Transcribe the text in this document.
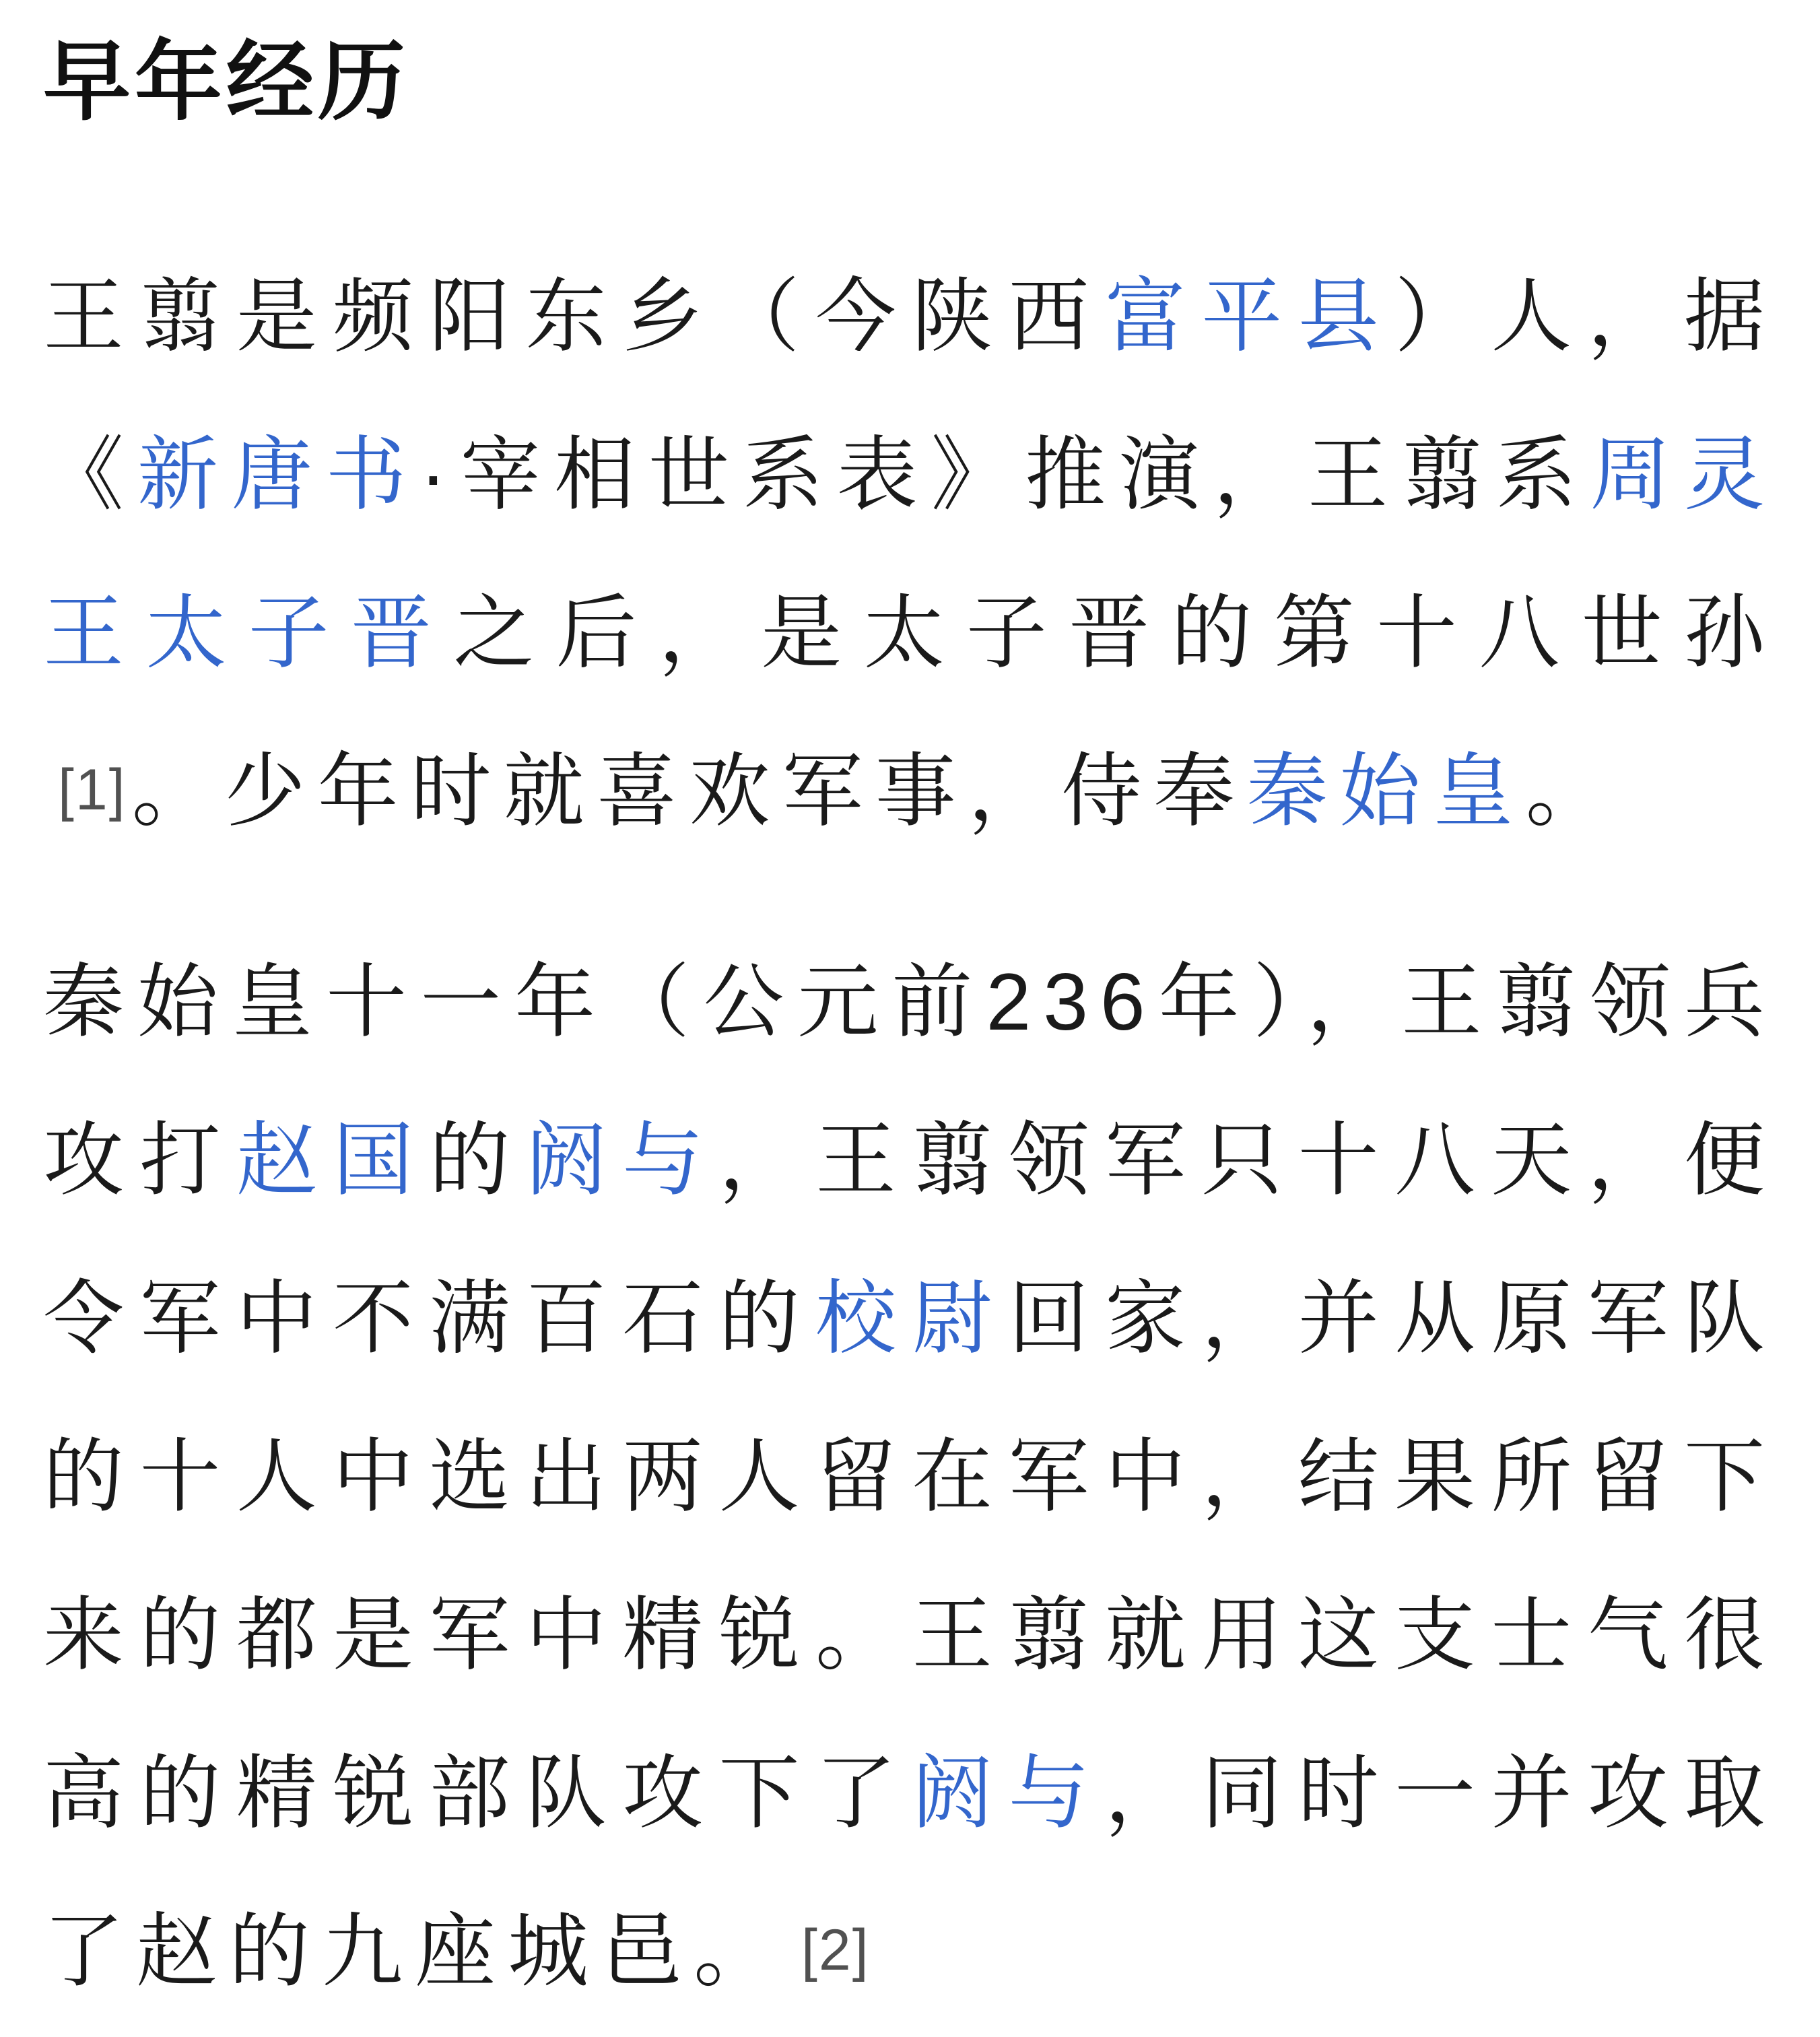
早年经历

王翦是频阳东乡（今陕西富平县）人，据《新唐书·宰相世系表》推演，王翦系周灵王太子晋之后，是太子晋的第十八世孙[1]。少年时就喜欢军事，侍奉秦始皇。

秦始皇十一年（公元前236年），王翦领兵攻打赵国的阏与，王翦领军只十八天，便令军中不满百石的校尉回家，并从原军队的十人中选出两人留在军中，结果所留下来的都是军中精锐。王翦就用这支士气很高的精锐部队攻下了阏与，同时一并攻取了赵的九座城邑。 [2]
